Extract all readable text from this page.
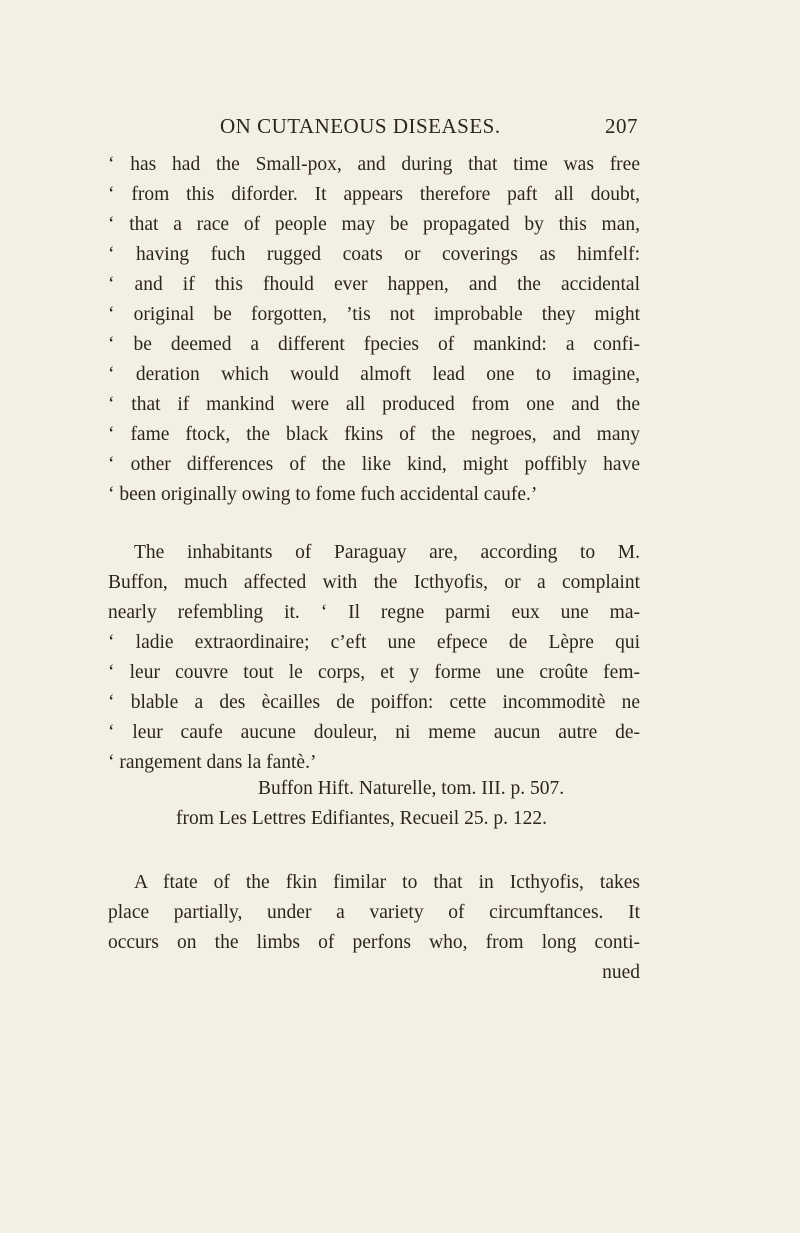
ON CUTANEOUS DISEASES.	207
‘ has had the Small-pox, and during that time was free
‘ from this diforder. It appears therefore paft all doubt,
‘ that a race of people may be propagated by this man,
‘ having fuch rugged coats or coverings as himfelf:
‘ and if this fhould ever happen, and the accidental
‘ original be forgotten, ’tis not improbable they might
‘ be deemed a different fpecies of mankind: a confi-
‘ deration which would almoft lead one to imagine,
‘ that if mankind were all produced from one and the
‘ fame ftock, the black fkins of the negroes, and many
‘ other differences of the like kind, might poffibly have
‘ been originally owing to fome fuch accidental caufe.’
The inhabitants of Paraguay are, according to M.
Buffon, much affected with the Icthyofis, or a complaint
nearly refembling it. ‘ Il regne parmi eux une ma-
‘ ladie extraordinaire; c’eft une efpece de Lèpre qui
‘ leur couvre tout le corps, et y forme une croûte fem-
‘ blable a des ècailles de poiffon: cette incommoditè ne
‘ leur caufe aucune douleur, ni meme aucun autre de-
‘ rangement dans la fantè.’
Buffon Hift. Naturelle, tom. III. p. 507.
from Les Lettres Edifiantes, Recueil 25. p. 122.
A ftate of the fkin fimilar to that in Icthyofis, takes
place partially, under a variety of circumftances. It
occurs on the limbs of perfons who, from long conti-
nued
